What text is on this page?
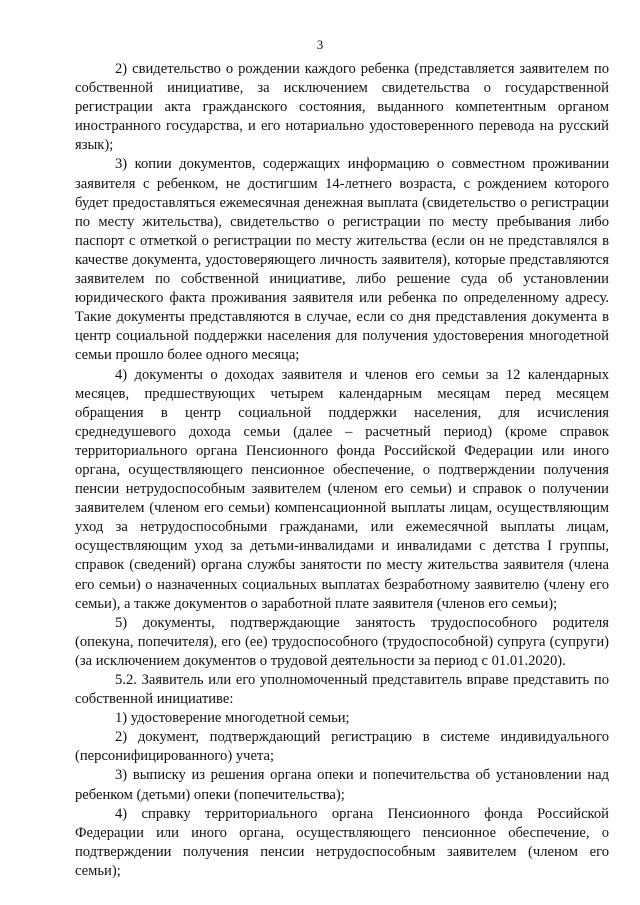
3

2) свидетельство о рождении каждого ребенка (представляется заявителем по собственной инициативе, за исключением свидетельства о государственной регистрации акта гражданского состояния, выданного компетентным органом иностранного государства, и его нотариально удостоверенного перевода на русский язык);

3) копии документов, содержащих информацию о совместном проживании заявителя с ребенком, не достигшим 14-летнего возраста, с рождением которого будет предоставляться ежемесячная денежная выплата (свидетельство о регистрации по месту жительства), свидетельство о регистрации по месту пребывания либо паспорт с отметкой о регистрации по месту жительства (если он не представлялся в качестве документа, удостоверяющего личность заявителя), которые представляются заявителем по собственной инициативе, либо решение суда об установлении юридического факта проживания заявителя или ребенка по определенному адресу. Такие документы представляются в случае, если со дня представления документа в центр социальной поддержки населения для получения удостоверения многодетной семьи прошло более одного месяца;

4) документы о доходах заявителя и членов его семьи за 12 календарных месяцев, предшествующих четырем календарным месяцам перед месяцем обращения в центр социальной поддержки населения, для исчисления среднедушевого дохода семьи (далее – расчетный период) (кроме справок территориального органа Пенсионного фонда Российской Федерации или иного органа, осуществляющего пенсионное обеспечение, о подтверждении получения пенсии нетрудоспособным заявителем (членом его семьи) и справок о получении заявителем (членом его семьи) компенсационной выплаты лицам, осуществляющим уход за нетрудоспособными гражданами, или ежемесячной выплаты лицам, осуществляющим уход за детьми-инвалидами и инвалидами с детства I группы, справок (сведений) органа службы занятости по месту жительства заявителя (члена его семьи) о назначенных социальных выплатах безработному заявителю (члену его семьи), а также документов о заработной плате заявителя (членов его семьи);

5) документы, подтверждающие занятость трудоспособного родителя (опекуна, попечителя), его (ее) трудоспособного (трудоспособной) супруга (супруги) (за исключением документов о трудовой деятельности за период с 01.01.2020).

5.2. Заявитель или его уполномоченный представитель вправе представить по собственной инициативе:

1) удостоверение многодетной семьи;

2) документ, подтверждающий регистрацию в системе индивидуального (персонифицированного) учета;

3) выписку из решения органа опеки и попечительства об установлении над ребенком (детьми) опеки (попечительства);

4) справку территориального органа Пенсионного фонда Российской Федерации или иного органа, осуществляющего пенсионное обеспечение, о подтверждении получения пенсии нетрудоспособным заявителем (членом его семьи);
